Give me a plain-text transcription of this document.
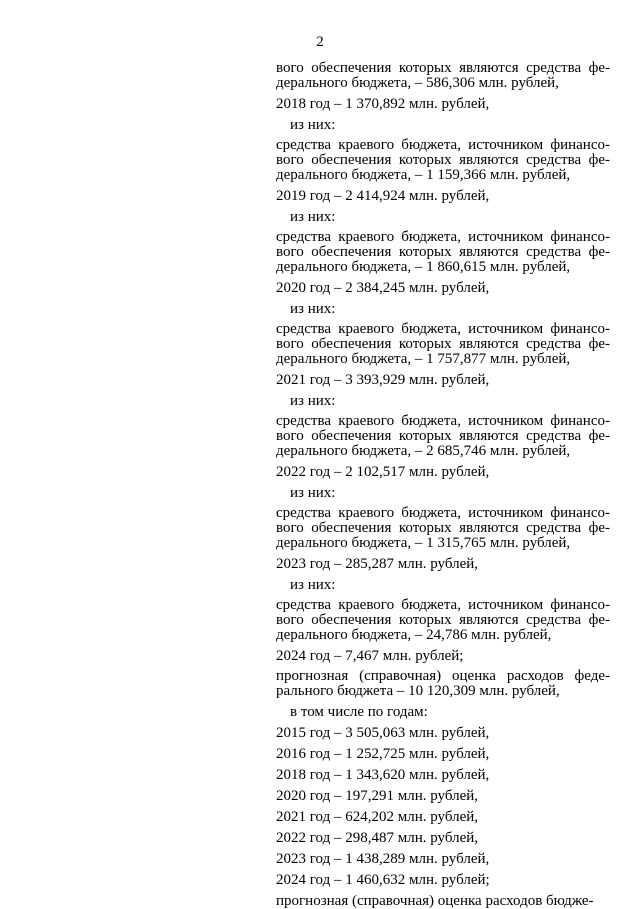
2
вого обеспечения которых являются средства фе-
дерального бюджета, – 586,306 млн. рублей,
2018 год – 1 370,892 млн. рублей,
из них:
средства краевого бюджета, источником финансо-
вого обеспечения которых являются средства фе-
дерального бюджета, – 1 159,366 млн. рублей,
2019 год – 2 414,924 млн. рублей,
из них:
средства краевого бюджета, источником финансо-
вого обеспечения которых являются средства фе-
дерального бюджета, – 1 860,615 млн. рублей,
2020 год – 2 384,245 млн. рублей,
из них:
средства краевого бюджета, источником финансо-
вого обеспечения которых являются средства фе-
дерального бюджета, – 1 757,877 млн. рублей,
2021 год – 3 393,929 млн. рублей,
из них:
средства краевого бюджета, источником финансо-
вого обеспечения которых являются средства фе-
дерального бюджета, – 2 685,746 млн. рублей,
2022 год – 2 102,517 млн. рублей,
из них:
средства краевого бюджета, источником финансо-
вого обеспечения которых являются средства фе-
дерального бюджета, – 1 315,765 млн. рублей,
2023 год – 285,287 млн. рублей,
из них:
средства краевого бюджета, источником финансо-
вого обеспечения которых являются средства фе-
дерального бюджета, – 24,786 млн. рублей,
2024 год – 7,467 млн. рублей;
прогнозная (справочная) оценка расходов феде-
рального бюджета – 10 120,309 млн. рублей,
в том числе по годам:
2015 год – 3 505,063 млн. рублей,
2016 год – 1 252,725 млн. рублей,
2018 год – 1 343,620 млн. рублей,
2020 год – 197,291 млн. рублей,
2021 год – 624,202 млн. рублей,
2022 год – 298,487 млн. рублей,
2023 год – 1 438,289 млн. рублей,
2024 год – 1 460,632 млн. рублей;
прогнозная (справочная) оценка расходов бюдже-
